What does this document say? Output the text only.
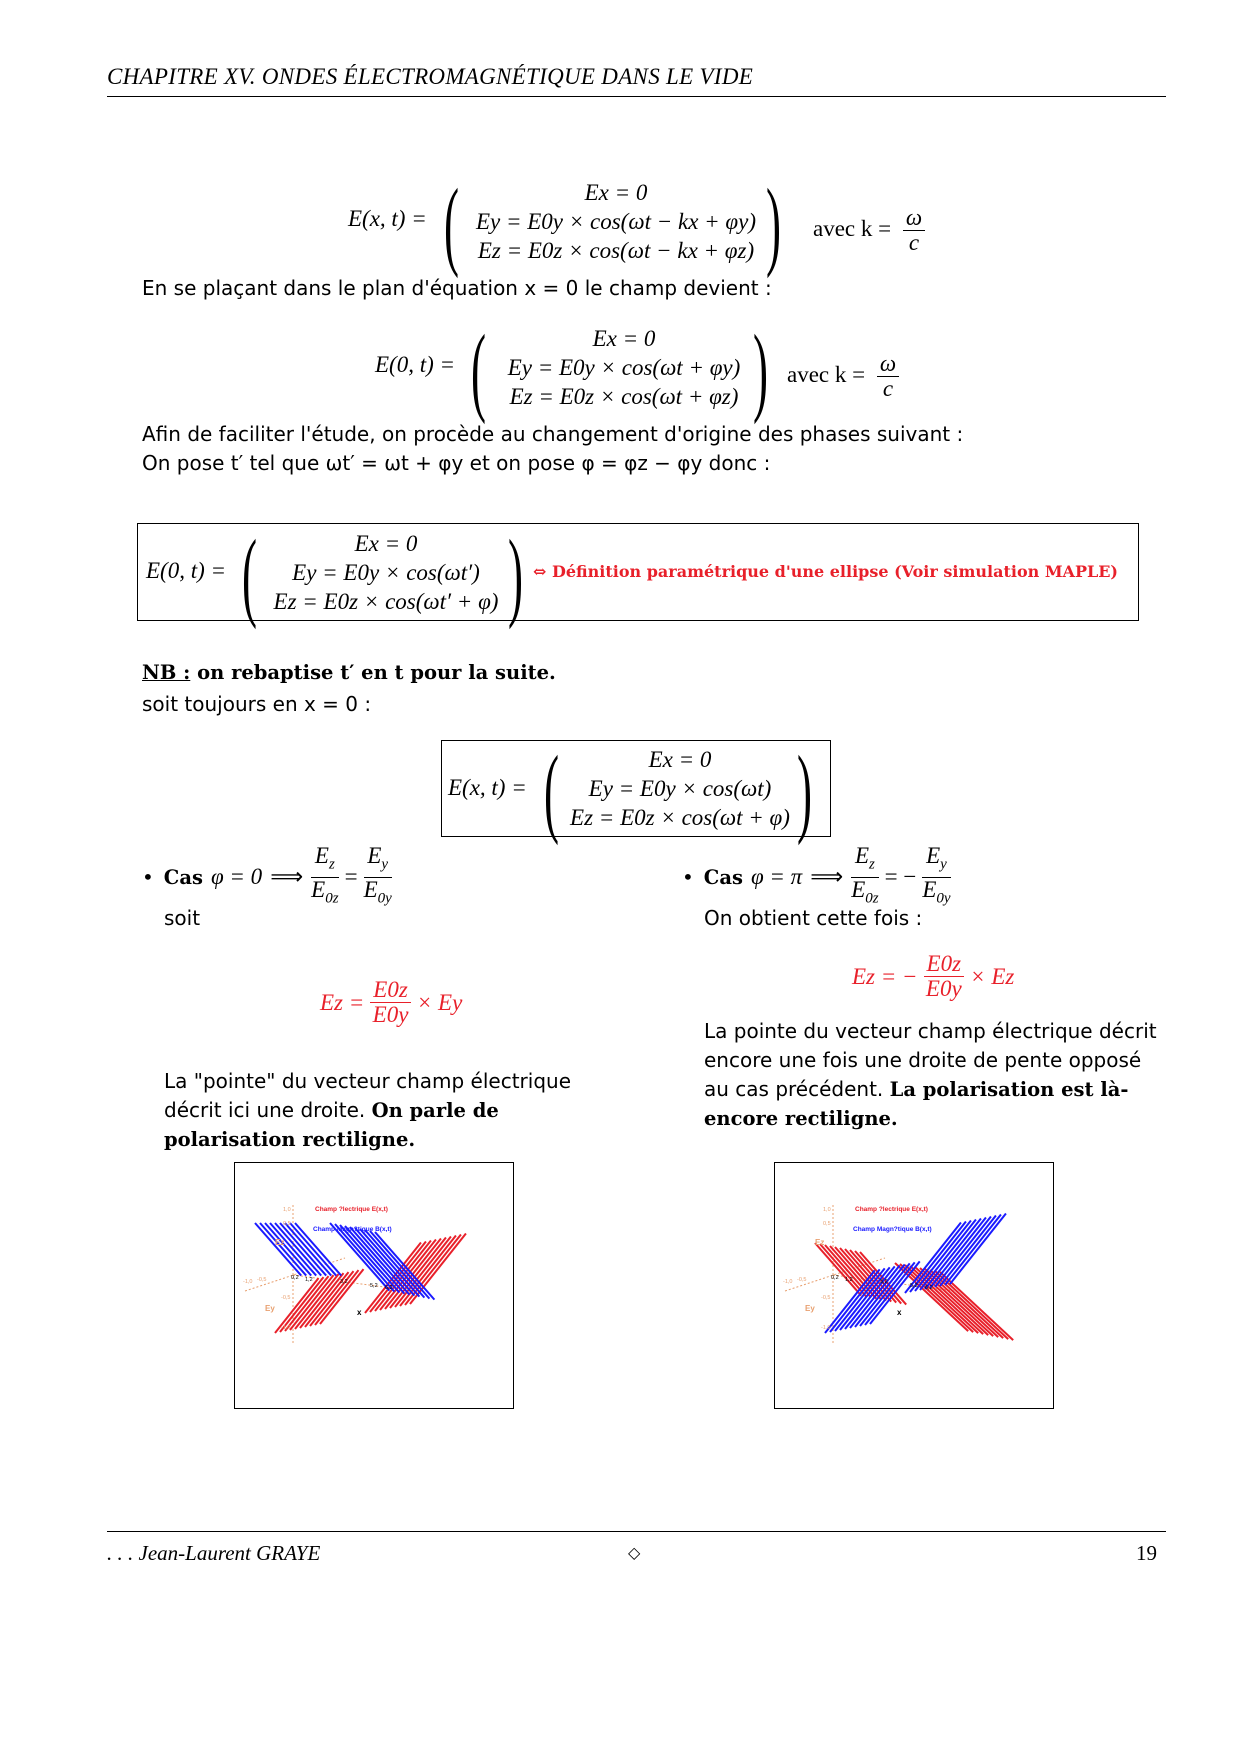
CHAPITRE XV. ONDES ÉLECTROMAGNÉTIQUE DANS LE VIDE
E(x, t) = (	Ex = 0
Ey = E0y × cos(ωt − kx + φy)
Ez = E0z × cos(ωt − kx + φz) ) avec $k = \frac{\omega}{c}$
En se plaçant dans le plan d'équation x = 0 le champ devient :
E(0, t) = (	Ex = 0
Ey = E0y × cos(ωt + φy)
Ez = E0z × cos(ωt + φz) ) avec $k = \frac{\omega}{c}$
Afin de faciliter l'étude, on procède au changement d'origine des phases suivant :
On pose t′ tel que ωt′ = ωt + φy et on pose φ = φz − φy donc :
E(0, t) = (	Ex = 0
Ey = E0y × cos(ωt′)
Ez = E0z × cos(ωt′ + φ) ) ⇔ Définition paramétrique d'une ellipse (Voir simulation MAPLE)
NB : on rebaptise t′ en t pour la suite.
soit toujours en x = 0 :
E(x, t) = (	Ex = 0
Ey = E0y × cos(ωt)
Ez = E0z × cos(ωt + φ) )
• Cas φ = 0 ⟹ $\frac{E_z}{E_{0z}} = \frac{E_y}{E_{0y}}$
soit
$Ez = \frac{E0z}{E0y} \times Ey$
La "pointe" du vecteur champ électrique décrit ici une droite. On parle de polarisation rectiligne.
• Cas φ = π ⟹ $\frac{E_z}{E_{0z}}$ = − $\frac{E_y}{E_{0y}}$
On obtient cette fois :
Ez = − $\frac{E0z}{E0y} \times Ez$
La pointe du vecteur champ électrique décrit encore une fois une droite de pente opposé au cas précédent. La polarisation est là-encore rectiligne.
Champ ?lectrique E(x,t)
Champ Magn?tique B(x,t)
Ez
Ey	x
1,0
0,5
0,2 1,2	3,2
5,2 6,2
-1,0 -0,5
-0,5
-1,0
Champ ?lectrique E(x,t)
Champ Magn?tique B(x,t)
Ez
Ey	x
1,0
0,5
0,2 1,2	3,2
5,2 6,2
-1,0 -0,5
-0,5
-1,0
. . . Jean-Laurent GRAYE	◇	19
